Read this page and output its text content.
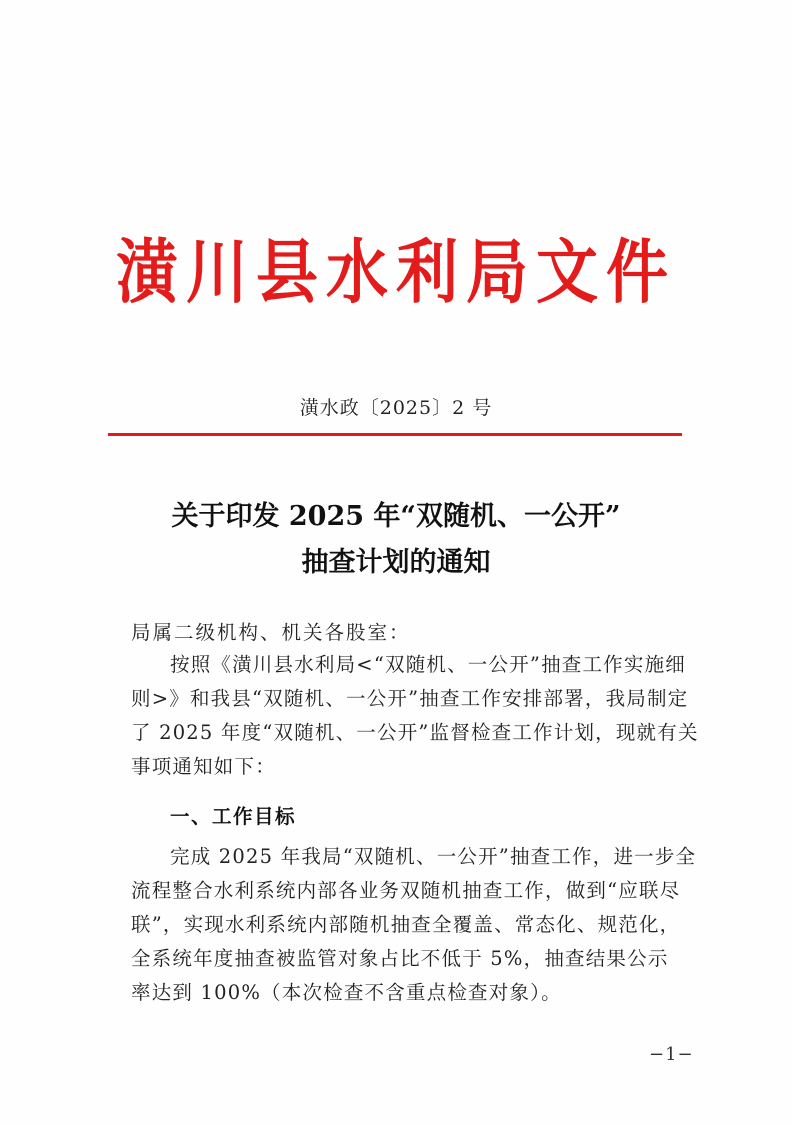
潢川县水利局文件
潢水政〔2025〕2 号
关于印发 2025 年“双随机、一公开”
抽查计划的通知
局属二级机构、机关各股室：
按照《潢川县水利局<“双随机、一公开”抽查工作实施细
则>》和我县“双随机、一公开”抽查工作安排部署，我局制定
了 2025 年度“双随机、一公开”监督检查工作计划，现就有关
事项通知如下：
一、工作目标
完成 2025 年我局“双随机、一公开”抽查工作，进一步全
流程整合水利系统内部各业务双随机抽查工作，做到“应联尽
联”，实现水利系统内部随机抽查全覆盖、常态化、规范化，
全系统年度抽查被监管对象占比不低于 5%，抽查结果公示
率达到 100%（本次检查不含重点检查对象）。
−1−
